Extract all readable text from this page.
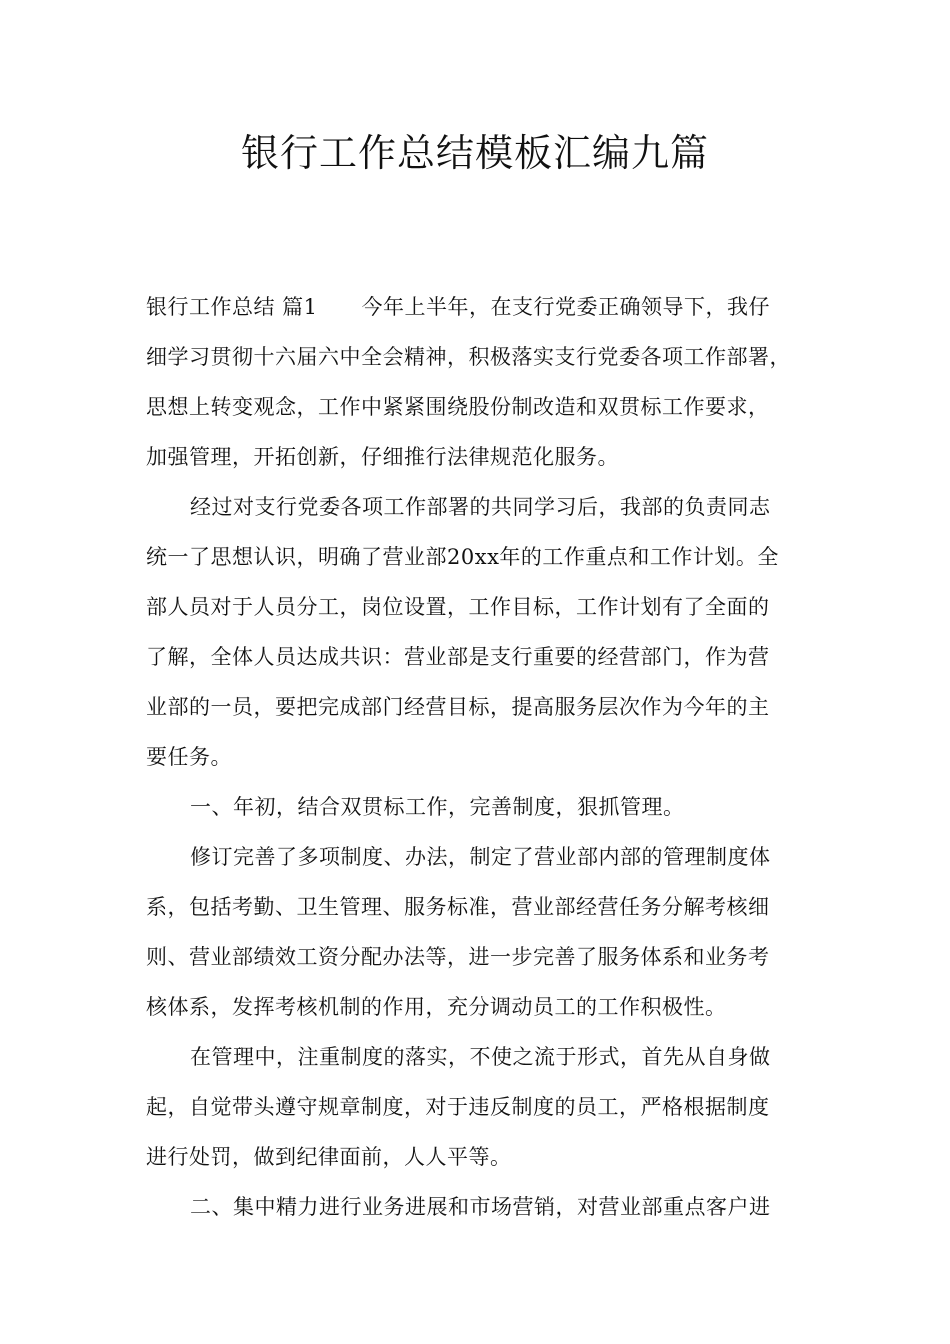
银行工作总结模板汇编九篇
银行工作总结 篇1 今年上半年，在支行党委正确领导下，我仔
细学习贯彻十六届六中全会精神，积极落实支行党委各项工作部署，
思想上转变观念，工作中紧紧围绕股份制改造和双贯标工作要求，
加强管理，开拓创新，仔细推行法律规范化服务。
经过对支行党委各项工作部署的共同学习后，我部的负责同志
统一了思想认识，明确了营业部20xx年的工作重点和工作计划。全
部人员对于人员分工，岗位设置，工作目标，工作计划有了全面的
了解，全体人员达成共识：营业部是支行重要的经营部门，作为营
业部的一员，要把完成部门经营目标，提高服务层次作为今年的主
要任务。
一、年初，结合双贯标工作，完善制度，狠抓管理。
修订完善了多项制度、办法，制定了营业部内部的管理制度体
系，包括考勤、卫生管理、服务标准，营业部经营任务分解考核细
则、营业部绩效工资分配办法等，进一步完善了服务体系和业务考
核体系，发挥考核机制的作用，充分调动员工的工作积极性。
在管理中，注重制度的落实，不使之流于形式，首先从自身做
起，自觉带头遵守规章制度，对于违反制度的员工，严格根据制度
进行处罚，做到纪律面前，人人平等。
二、集中精力进行业务进展和市场营销，对营业部重点客户进
